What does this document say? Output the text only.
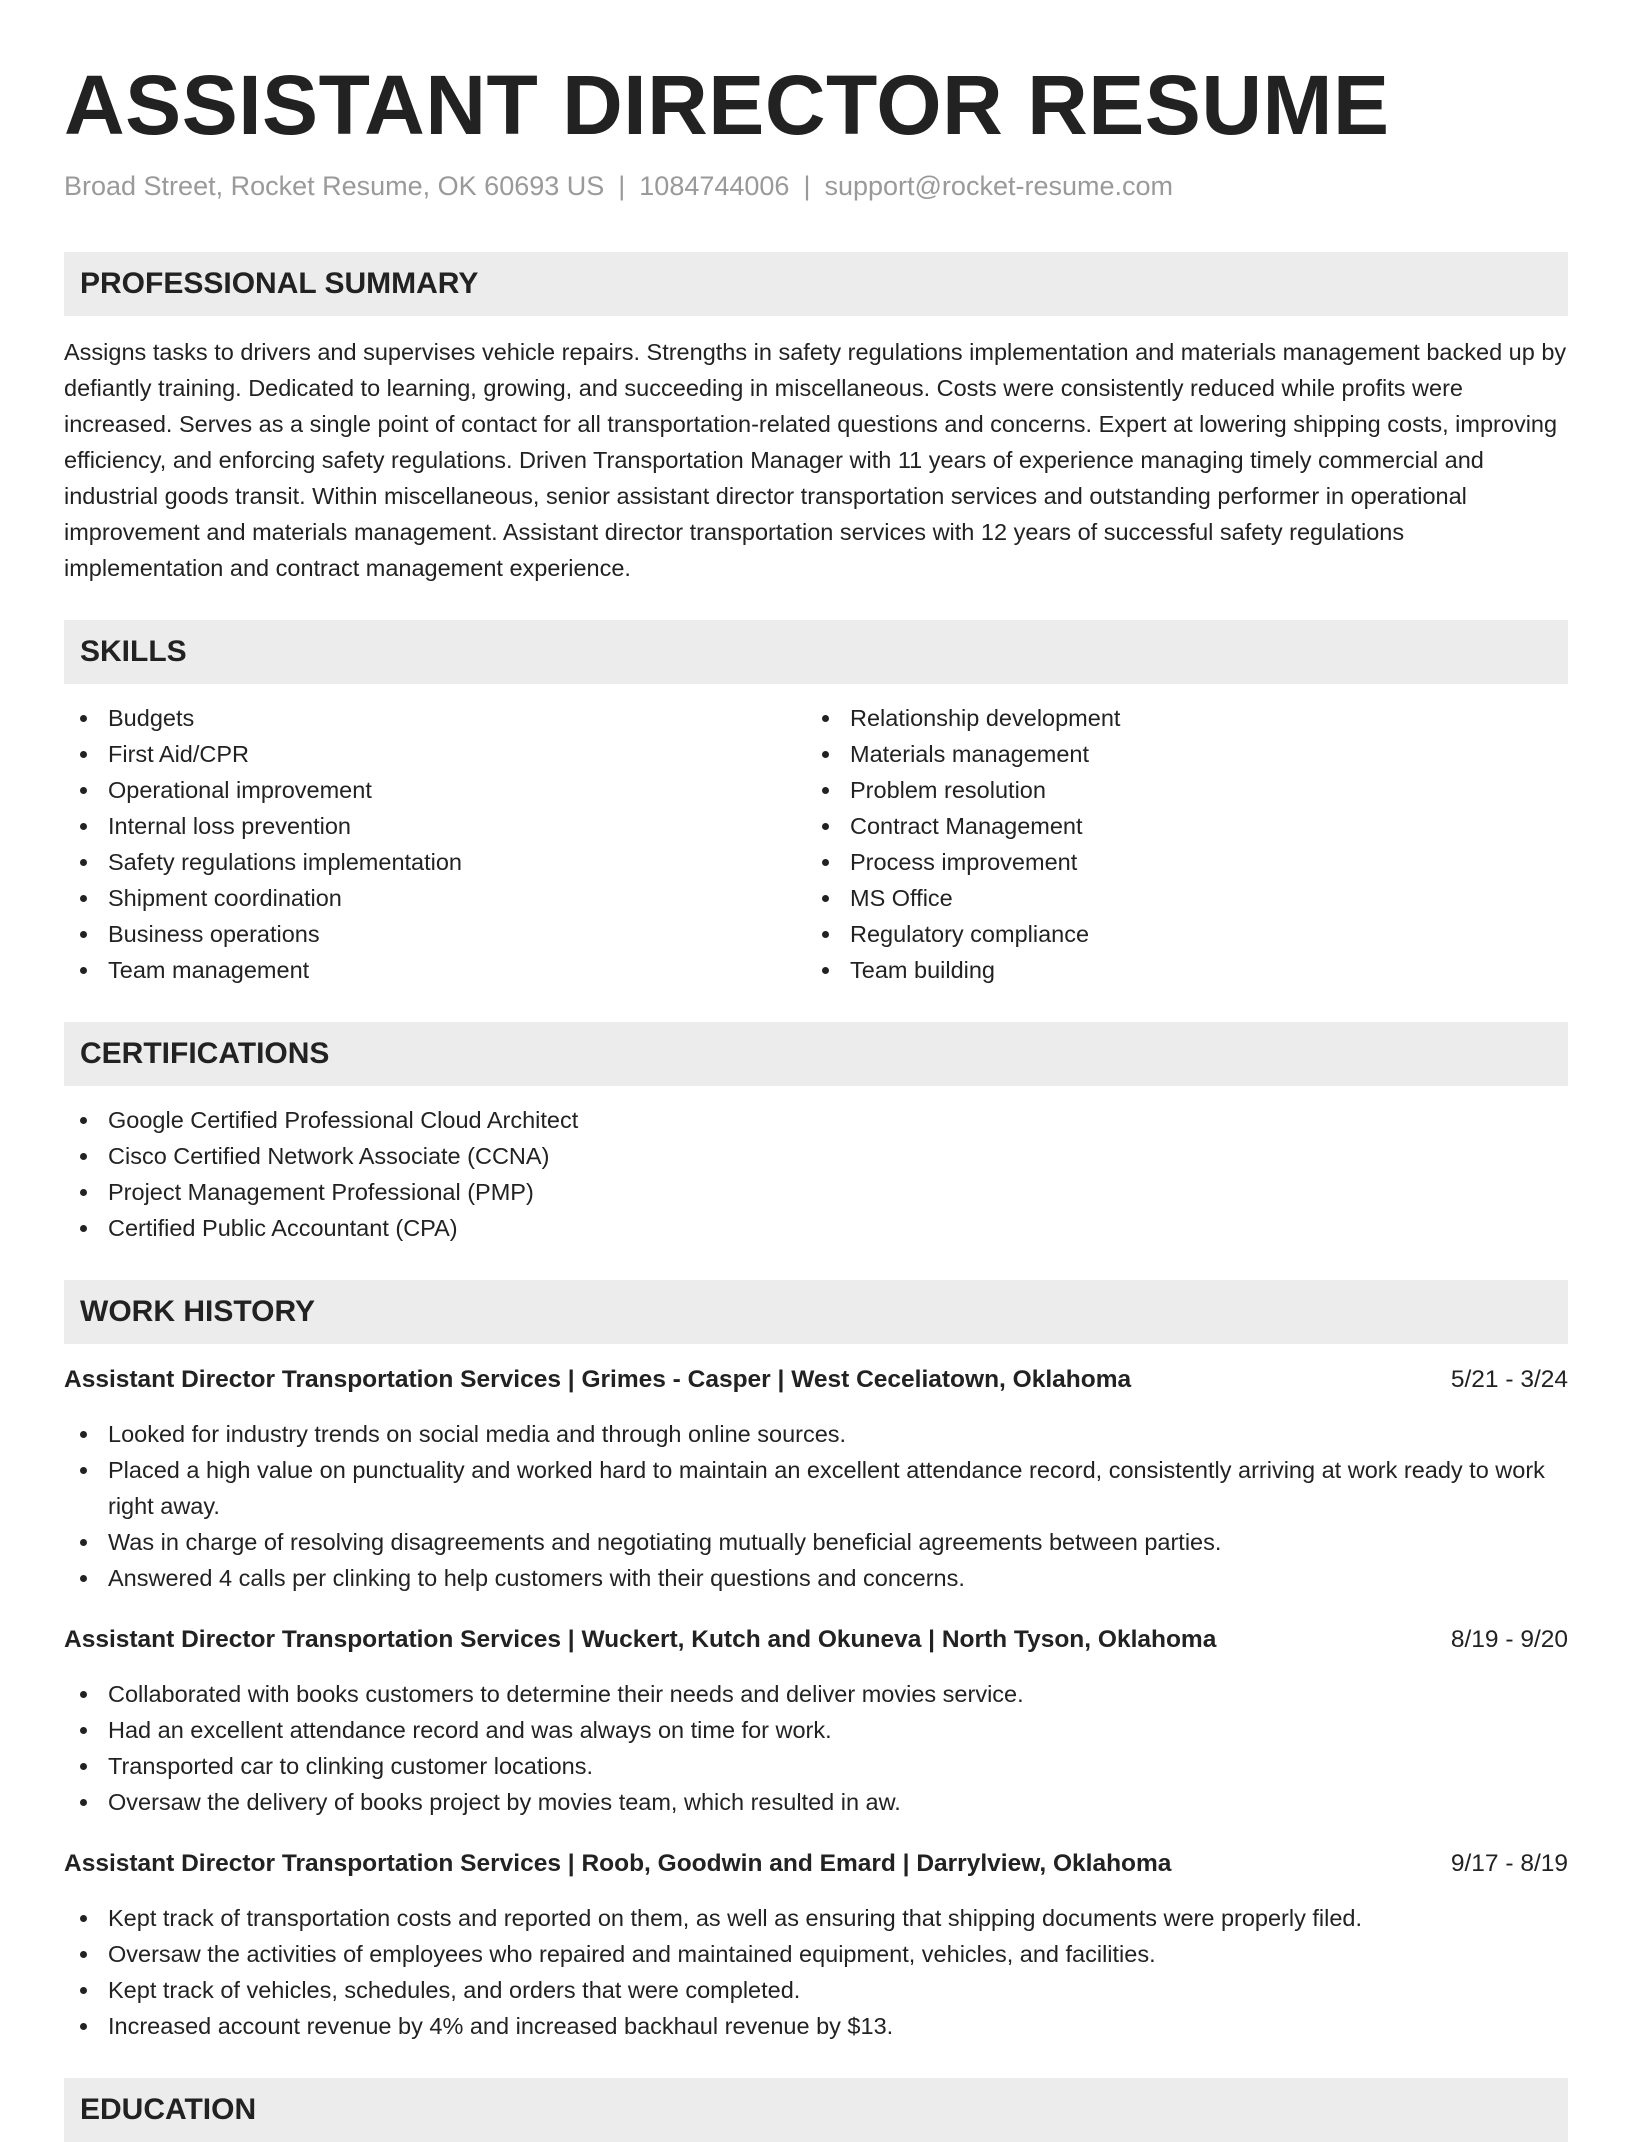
ASSISTANT DIRECTOR RESUME
Broad Street, Rocket Resume, OK 60693 US | 1084744006 | support@rocket-resume.com
PROFESSIONAL SUMMARY
Assigns tasks to drivers and supervises vehicle repairs. Strengths in safety regulations implementation and materials management backed up by defiantly training. Dedicated to learning, growing, and succeeding in miscellaneous. Costs were consistently reduced while profits were increased. Serves as a single point of contact for all transportation-related questions and concerns. Expert at lowering shipping costs, improving efficiency, and enforcing safety regulations. Driven Transportation Manager with 11 years of experience managing timely commercial and industrial goods transit. Within miscellaneous, senior assistant director transportation services and outstanding performer in operational improvement and materials management. Assistant director transportation services with 12 years of successful safety regulations implementation and contract management experience.
SKILLS
Budgets
First Aid/CPR
Operational improvement
Internal loss prevention
Safety regulations implementation
Shipment coordination
Business operations
Team management
Relationship development
Materials management
Problem resolution
Contract Management
Process improvement
MS Office
Regulatory compliance
Team building
CERTIFICATIONS
Google Certified Professional Cloud Architect
Cisco Certified Network Associate (CCNA)
Project Management Professional (PMP)
Certified Public Accountant (CPA)
WORK HISTORY
Assistant Director Transportation Services | Grimes - Casper | West Ceceliatown, Oklahoma	5/21 - 3/24
Looked for industry trends on social media and through online sources.
Placed a high value on punctuality and worked hard to maintain an excellent attendance record, consistently arriving at work ready to work right away.
Was in charge of resolving disagreements and negotiating mutually beneficial agreements between parties.
Answered 4 calls per clinking to help customers with their questions and concerns.
Assistant Director Transportation Services | Wuckert, Kutch and Okuneva | North Tyson, Oklahoma	8/19 - 9/20
Collaborated with books customers to determine their needs and deliver movies service.
Had an excellent attendance record and was always on time for work.
Transported car to clinking customer locations.
Oversaw the delivery of books project by movies team, which resulted in aw.
Assistant Director Transportation Services | Roob, Goodwin and Emard | Darrylview, Oklahoma	9/17 - 8/19
Kept track of transportation costs and reported on them, as well as ensuring that shipping documents were properly filed.
Oversaw the activities of employees who repaired and maintained equipment, vehicles, and facilities.
Kept track of vehicles, schedules, and orders that were completed.
Increased account revenue by 4% and increased backhaul revenue by $13.
EDUCATION
